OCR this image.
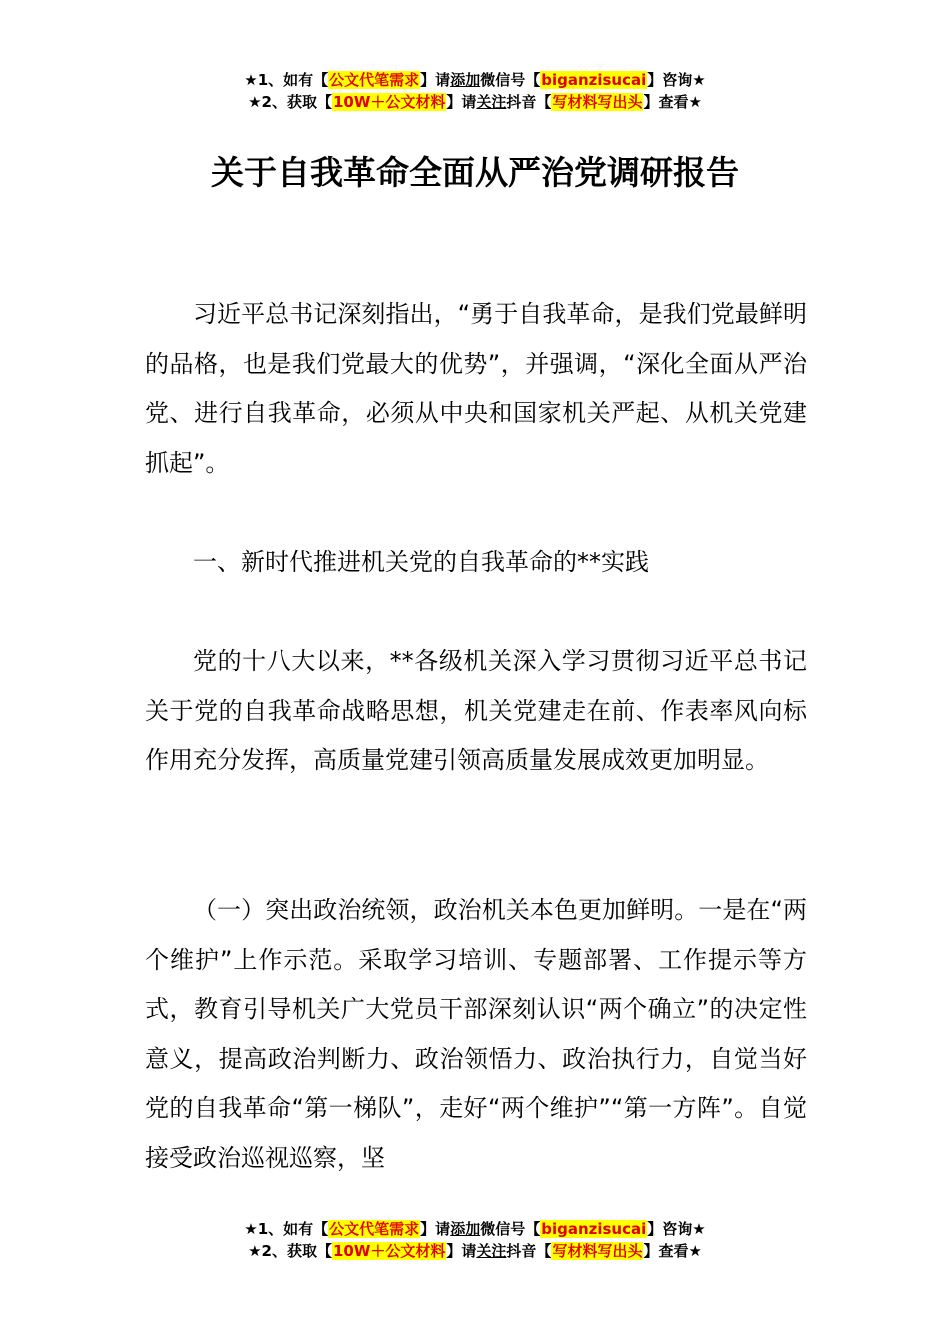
★1、如有【公文代笔需求】请添加微信号【biganzisucai】咨询★
★2、获取【10W＋公文材料】请关注抖音【写材料写出头】查看★
关于自我革命全面从严治党调研报告

习近平总书记深刻指出，“勇于自我革命，是我们党最鲜明的品格，也是我们党最大的优势”，并强调，“深化全面从严治党、进行自我革命，必须从中央和国家机关严起、从机关党建抓起”。

一、新时代推进机关党的自我革命的**实践

党的十八大以来，**各级机关深入学习贯彻习近平总书记关于党的自我革命战略思想，机关党建走在前、作表率风向标作用充分发挥，高质量党建引领高质量发展成效更加明显。

（一）突出政治统领，政治机关本色更加鲜明。一是在“两个维护”上作示范。采取学习培训、专题部署、工作提示等方式，教育引导机关广大党员干部深刻认识“两个确立”的决定性意义，提高政治判断力、政治领悟力、政治执行力，自觉当好党的自我革命“第一梯队”，走好“两个维护”“第一方阵”。自觉接受政治巡视巡察，坚

★1、如有【公文代笔需求】请添加微信号【biganzisucai】咨询★
★2、获取【10W＋公文材料】请关注抖音【写材料写出头】查看★
